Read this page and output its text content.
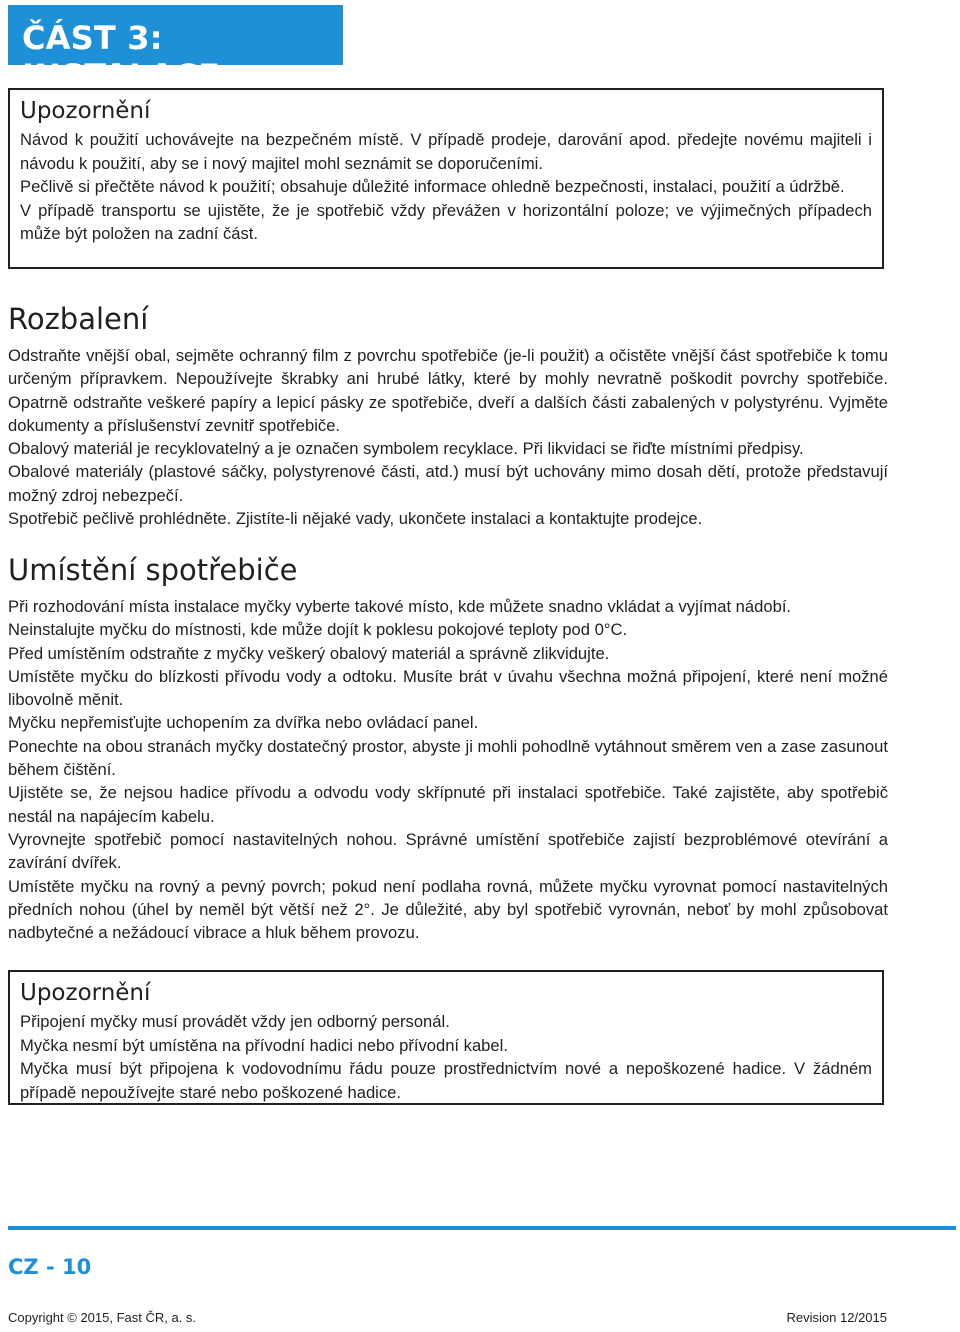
ČÁST 3: INSTALACE
Upozornění

Návod k použití uchovávejte na bezpečném místě. V případě prodeje, darování apod. předejte novému majiteli i návodu k použití, aby se i nový majitel mohl seznámit se doporučeními.

Pečlivě si přečtěte návod k použití; obsahuje důležité informace ohledně bezpečnosti, instalaci, použití a údržbě.

V případě transportu se ujistěte, že je spotřebič vždy převážen v horizontální poloze; ve výjimečných případech může být položen na zadní část.

Rozbalení

Odstraňte vnější obal, sejměte ochranný film z povrchu spotřebiče (je-li použit) a očistěte vnější část spotřebiče k tomu určeným přípravkem. Nepoužívejte škrabky ani hrubé látky, které by mohly nevratně poškodit povrchy spotřebiče. Opatrně odstraňte veškeré papíry a lepicí pásky ze spotřebiče, dveří a dalších části zabalených v polystyrénu. Vyjměte dokumenty a příslušenství zevnitř spotřebiče.

Obalový materiál je recyklovatelný a je označen symbolem recyklace. Při likvidaci se řiďte místními předpisy.

Obalové materiály (plastové sáčky, polystyrenové části, atd.) musí být uchovány mimo dosah dětí, protože představují možný zdroj nebezpečí.

Spotřebič pečlivě prohlédněte. Zjistíte-li nějaké vady, ukončete instalaci a kontaktujte prodejce.

Umístění spotřebiče

Při rozhodování místa instalace myčky vyberte takové místo, kde můžete snadno vkládat a vyjímat nádobí.

Neinstalujte myčku do místnosti, kde může dojít k poklesu pokojové teploty pod 0°C.

Před umístěním odstraňte z myčky veškerý obalový materiál a správně zlikvidujte.

Umístěte myčku do blízkosti přívodu vody a odtoku. Musíte brát v úvahu všechna možná připojení, které není možné libovolně měnit.

Myčku nepřemisťujte uchopením za dvířka nebo ovládací panel.

Ponechte na obou stranách myčky dostatečný prostor, abyste ji mohli pohodlně vytáhnout směrem ven a zase zasunout během čištění.

Ujistěte se, že nejsou hadice přívodu a odvodu vody skřípnuté při instalaci spotřebiče. Také zajistěte, aby spotřebič nestál na napájecím kabelu.

Vyrovnejte spotřebič pomocí nastavitelných nohou. Správné umístění spotřebiče zajistí bezproblémové otevírání a zavírání dvířek.

Umístěte myčku na rovný a pevný povrch; pokud není podlaha rovná, můžete myčku vyrovnat pomocí nastavitelných předních nohou (úhel by neměl být větší než 2°. Je důležité, aby byl spotřebič vyrovnán, neboť by mohl způsobovat nadbytečné a nežádoucí vibrace a hluk během provozu.

Upozornění

Připojení myčky musí provádět vždy jen odborný personál.

Myčka nesmí být umístěna na přívodní hadici nebo přívodní kabel.

Myčka musí být připojena k vodovodnímu řádu pouze prostřednictvím nové a nepoškozené hadice. V žádném případě nepoužívejte staré nebo poškozené hadice.

CZ - 10
Copyright © 2015, Fast ČR, a. s.	Revision 12/2015
